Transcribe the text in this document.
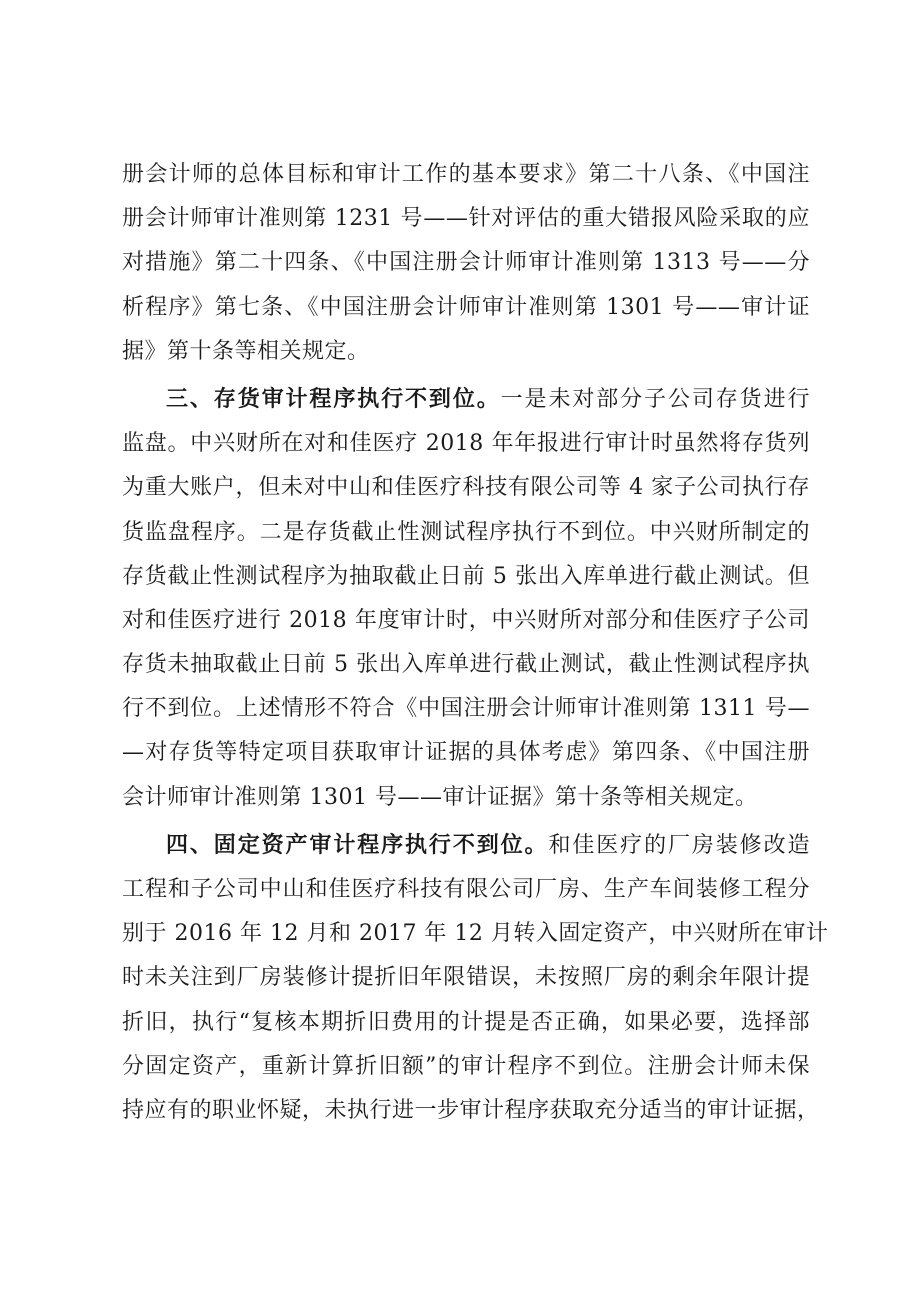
册会计师的总体目标和审计工作的基本要求》第二十八条、《中国注
册会计师审计准则第 1231 号——针对评估的重大错报风险采取的应
对措施》第二十四条、《中国注册会计师审计准则第 1313 号——分
析程序》第七条、《中国注册会计师审计准则第 1301 号——审计证
据》第十条等相关规定。
三、存货审计程序执行不到位。一是未对部分子公司存货进行
监盘。中兴财所在对和佳医疗 2018 年年报进行审计时虽然将存货列
为重大账户，但未对中山和佳医疗科技有限公司等 4 家子公司执行存
货监盘程序。二是存货截止性测试程序执行不到位。中兴财所制定的
存货截止性测试程序为抽取截止日前 5 张出入库单进行截止测试。但
对和佳医疗进行 2018 年度审计时，中兴财所对部分和佳医疗子公司
存货未抽取截止日前 5 张出入库单进行截止测试，截止性测试程序执
行不到位。上述情形不符合《中国注册会计师审计准则第 1311 号—
—对存货等特定项目获取审计证据的具体考虑》第四条、《中国注册
会计师审计准则第 1301 号——审计证据》第十条等相关规定。
四、固定资产审计程序执行不到位。和佳医疗的厂房装修改造
工程和子公司中山和佳医疗科技有限公司厂房、生产车间装修工程分
别于 2016 年 12 月和 2017 年 12 月转入固定资产，中兴财所在审计
时未关注到厂房装修计提折旧年限错误，未按照厂房的剩余年限计提
折旧，执行“复核本期折旧费用的计提是否正确，如果必要，选择部
分固定资产，重新计算折旧额”的审计程序不到位。注册会计师未保
持应有的职业怀疑，未执行进一步审计程序获取充分适当的审计证据，
